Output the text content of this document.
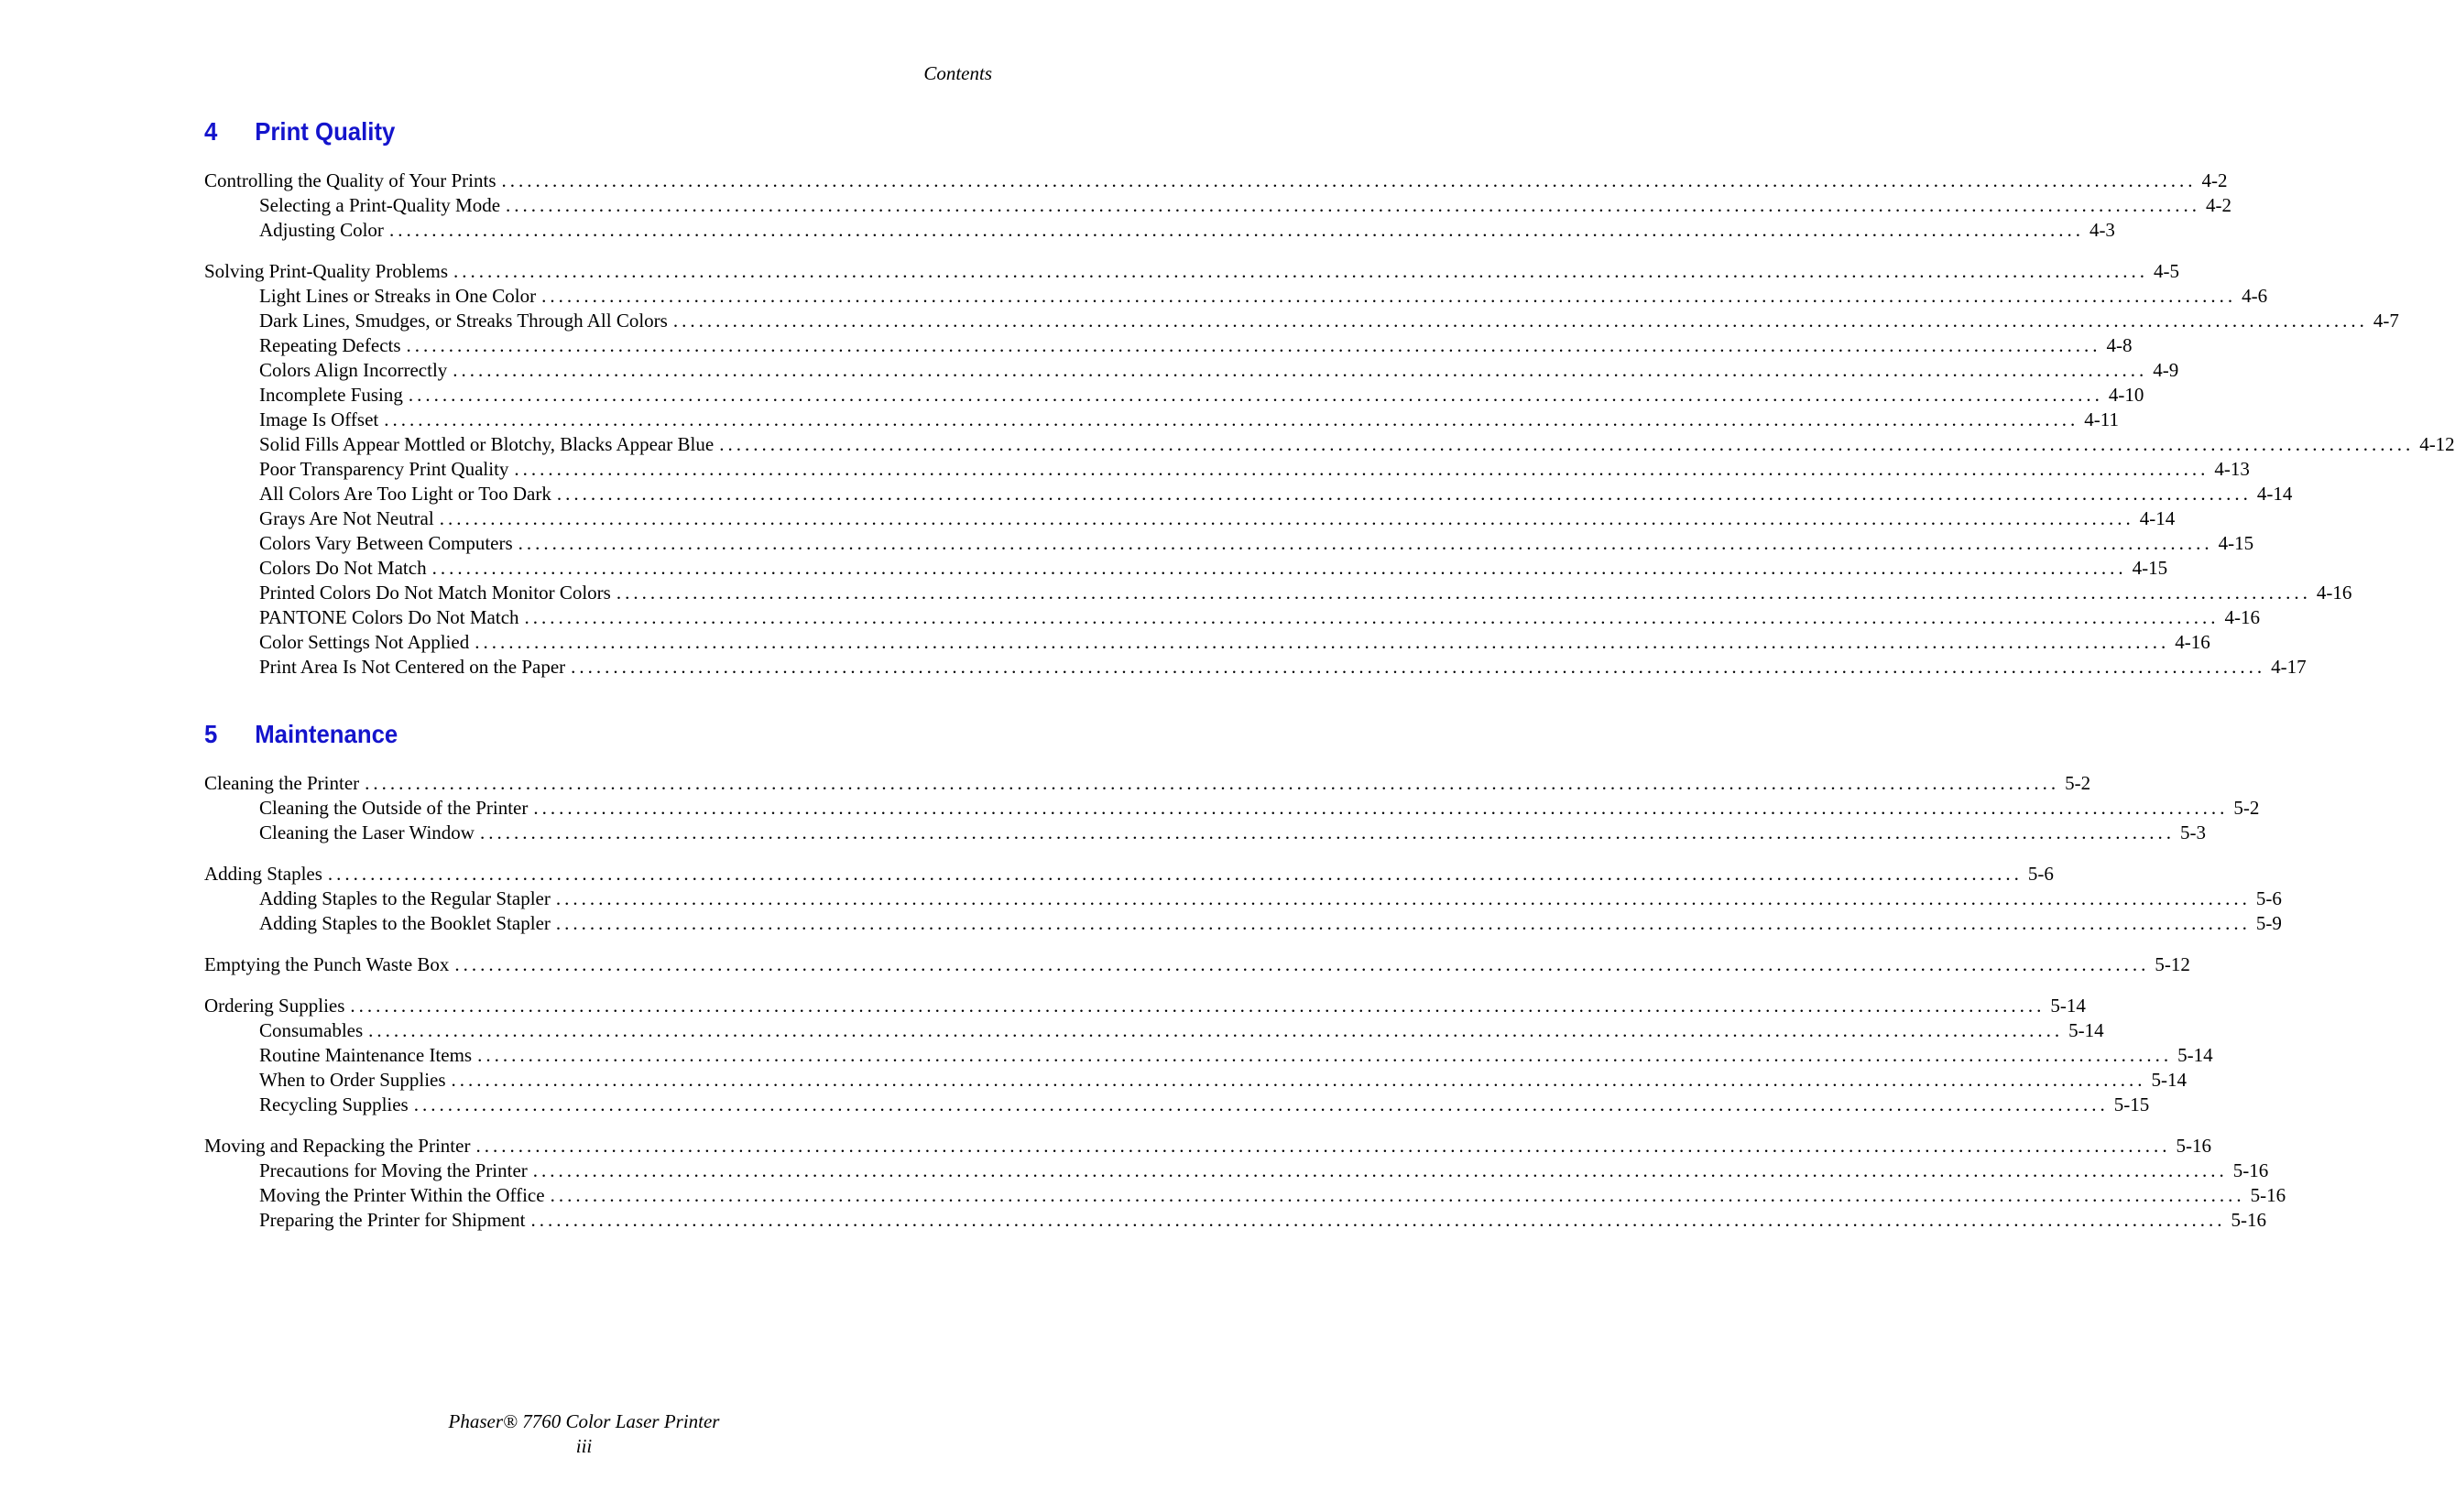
Contents
4	Print Quality
Controlling the Quality of Your Prints ........................................................................................................................................................................................................ 4-2
Selecting a Print-Quality Mode ........................................................................................................................................................................................................ 4-2
Adjusting Color ........................................................................................................................................................................................................ 4-3
Solving Print-Quality Problems ........................................................................................................................................................................................................ 4-5
Light Lines or Streaks in One Color ........................................................................................................................................................................................................ 4-6
Dark Lines, Smudges, or Streaks Through All Colors ........................................................................................................................................................................................................ 4-7
Repeating Defects ........................................................................................................................................................................................................ 4-8
Colors Align Incorrectly ........................................................................................................................................................................................................ 4-9
Incomplete Fusing ........................................................................................................................................................................................................ 4-10
Image Is Offset ........................................................................................................................................................................................................ 4-11
Solid Fills Appear Mottled or Blotchy, Blacks Appear Blue ........................................................................................................................................................................................................ 4-12
Poor Transparency Print Quality ........................................................................................................................................................................................................ 4-13
All Colors Are Too Light or Too Dark ........................................................................................................................................................................................................ 4-14
Grays Are Not Neutral ........................................................................................................................................................................................................ 4-14
Colors Vary Between Computers ........................................................................................................................................................................................................ 4-15
Colors Do Not Match ........................................................................................................................................................................................................ 4-15
Printed Colors Do Not Match Monitor Colors ........................................................................................................................................................................................................ 4-16
PANTONE Colors Do Not Match ........................................................................................................................................................................................................ 4-16
Color Settings Not Applied ........................................................................................................................................................................................................ 4-16
Print Area Is Not Centered on the Paper ........................................................................................................................................................................................................ 4-17
5	Maintenance
Cleaning the Printer ........................................................................................................................................................................................................ 5-2
Cleaning the Outside of the Printer ........................................................................................................................................................................................................ 5-2
Cleaning the Laser Window ........................................................................................................................................................................................................ 5-3
Adding Staples ........................................................................................................................................................................................................ 5-6
Adding Staples to the Regular Stapler ........................................................................................................................................................................................................ 5-6
Adding Staples to the Booklet Stapler ........................................................................................................................................................................................................ 5-9
Emptying the Punch Waste Box ........................................................................................................................................................................................................ 5-12
Ordering Supplies ........................................................................................................................................................................................................ 5-14
Consumables ........................................................................................................................................................................................................ 5-14
Routine Maintenance Items ........................................................................................................................................................................................................ 5-14
When to Order Supplies ........................................................................................................................................................................................................ 5-14
Recycling Supplies ........................................................................................................................................................................................................ 5-15
Moving and Repacking the Printer ........................................................................................................................................................................................................ 5-16
Precautions for Moving the Printer ........................................................................................................................................................................................................ 5-16
Moving the Printer Within the Office ........................................................................................................................................................................................................ 5-16
Preparing the Printer for Shipment ........................................................................................................................................................................................................ 5-16
Phaser® 7760 Color Laser Printer
iii
